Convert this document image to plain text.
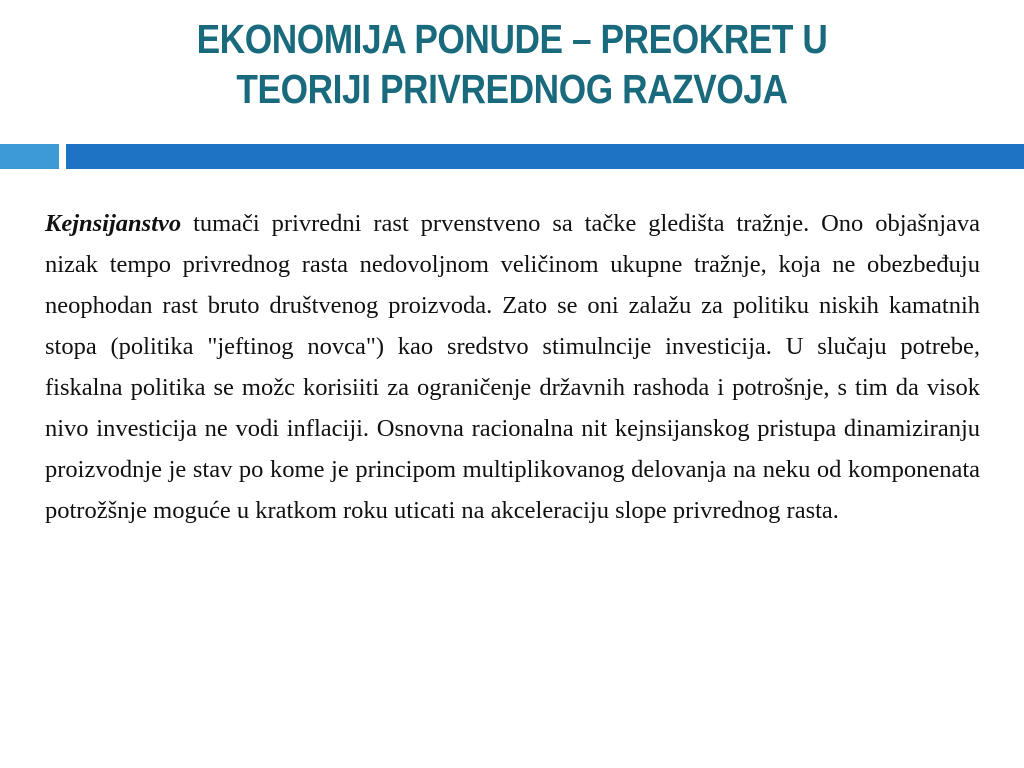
EKONOMIJA PONUDE – PREOKRET U
TEORIJI PRIVREDNOG RAZVOJA
Kejnsijanstvo tumači privredni rast prvenstveno sa tačke gledišta tražnje. Ono objašnjava nizak tempo privrednog rasta nedovoljnom veličinom ukupne tražnje, koja ne obezbeđuju neophodan rast bruto društvenog proizvoda. Zato se oni zalažu za politiku niskih kamatnih stopa (politika "jeftinog novca") kao sredstvo stimulncije investicija. U slučaju potrebe, fiskalna politika se možc korisiiti za ograničenje državnih rashoda i potrošnje, s tim da visok nivo investicija ne vodi inflaciji. Osnovna racionalna nit kejnsijanskog pristupa dinamiziranju proizvodnje je stav po kome je principom multiplikovanog delovanja na neku od komponenata potrožšnje moguće u kratkom roku uticati na akceleraciju slope privrednog rasta.
